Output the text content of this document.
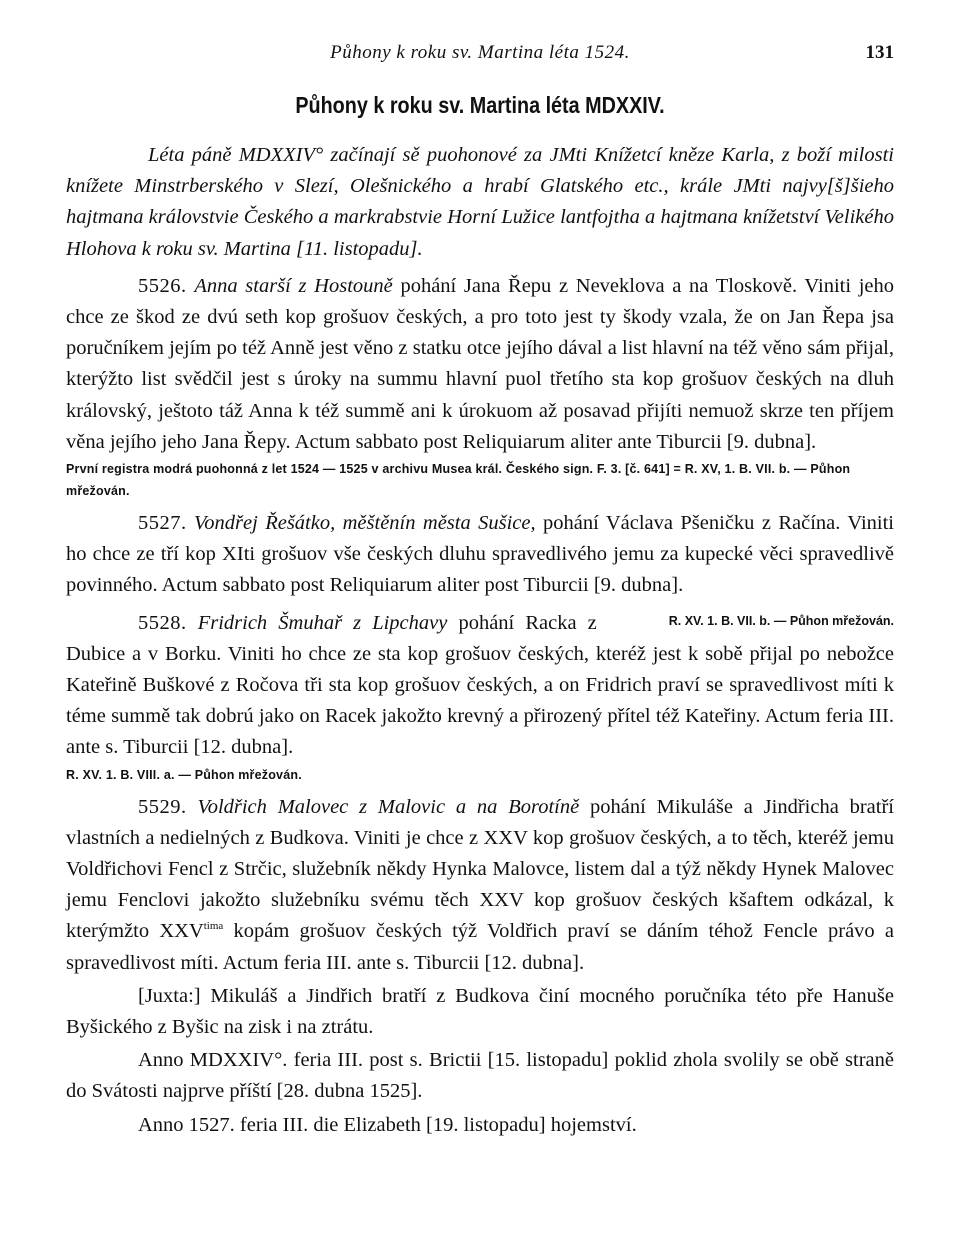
Půhony k roku sv. Martina léta 1524.	131
Půhony k roku sv. Martina léta MDXXIV.

Léta páně MDXXIV° začínají sě puohonové za JMti Knížetcí kněze Karla, z boží milosti knížete Minstrberského v Slezí, Olešnického a hrabí Glatského etc., krále JMti najvy[š]šieho hajtmana královstvie Českého a markrabstvie Horní Lužice lantfojtha a hajtmana knížetství Velikého Hlohova k roku sv. Martina [11. listopadu].

5526. Anna starší z Hostouně pohání Jana Řepu z Neveklova a na Tloskově. Viniti jeho chce ze škod ze dvú seth kop grošuov českých, a pro toto jest ty škody vzala, že on Jan Řepa jsa poručníkem jejím po též Anně jest věno z statku otce jejího dával a list hlavní na též věno sám přijal, kterýžto list svědčil jest s úroky na summu hlavní puol třetího sta kop grošuov českých na dluh královský, ještoto táž Anna k též summě ani k úrokuom až posavad přijíti nemuož skrze ten příjem věna jejího jeho Jana Řepy. Actum sabbato post Reliquiarum aliter ante Tiburcii [9. dubna].

První registra modrá puohonná z let 1524 — 1525 v archivu Musea král. Českého sign. F. 3. [č. 641] = R. XV, 1. B. VII. b. — Půhon mřežován.

5527. Vondřej Řešátko, měštěnín města Sušice, pohání Václava Pšeničku z Račína. Viniti ho chce ze tří kop XIti grošuov vše českých dluhu spravedlivého jemu za kupecké věci spravedlivě povinného. Actum sabbato post Reliquiarum aliter post Tiburcii [9. dubna].
R. XV. 1. B. VII. b. — Půhon mřežován.

5528. Fridrich Šmuhař z Lipchavy pohání Racka z Dubice a v Borku. Viniti ho chce ze sta kop grošuov českých, kteréž jest k sobě přijal po nebožce Kateřině Buškové z Ročova tři sta kop grošuov českých, a on Fridrich praví se spravedlivost míti k téme summě tak dobrú jako on Racek jakožto krevný a přirozený přítel též Kateřiny. Actum feria III. ante s. Tiburcii [12. dubna].

R. XV. 1. B. VIII. a. — Půhon mřežován.

5529. Voldřich Malovec z Malovic a na Borotíně pohání Mikuláše a Jindřicha bratří vlastních a nedielných z Budkova. Viniti je chce z XXV kop grošuov českých, a to těch, kteréž jemu Voldřichovi Fencl z Strčic, služebník někdy Hynka Malovce, listem dal a týž někdy Hynek Malovec jemu Fenclovi jakožto služebníku svému těch XXV kop grošuov českých kšaftem odkázal, k kterýmžto $XXV^{tima}$ kopám grošuov českých týž Voldřich praví se dáním téhož Fencle právo a spravedlivost míti. Actum feria III. ante s. Tiburcii [12. dubna].

[Juxta:] Mikuláš a Jindřich bratří z Budkova činí mocného poručníka této pře Hanuše Byšického z Byšic na zisk i na ztrátu.

Anno MDXXIV°. feria III. post s. Brictii [15. listopadu] poklid zhola svolily se obě straně do Svátosti najprve příští [28. dubna 1525].

Anno 1527. feria III. die Elizabeth [19. listopadu] hojemství.
